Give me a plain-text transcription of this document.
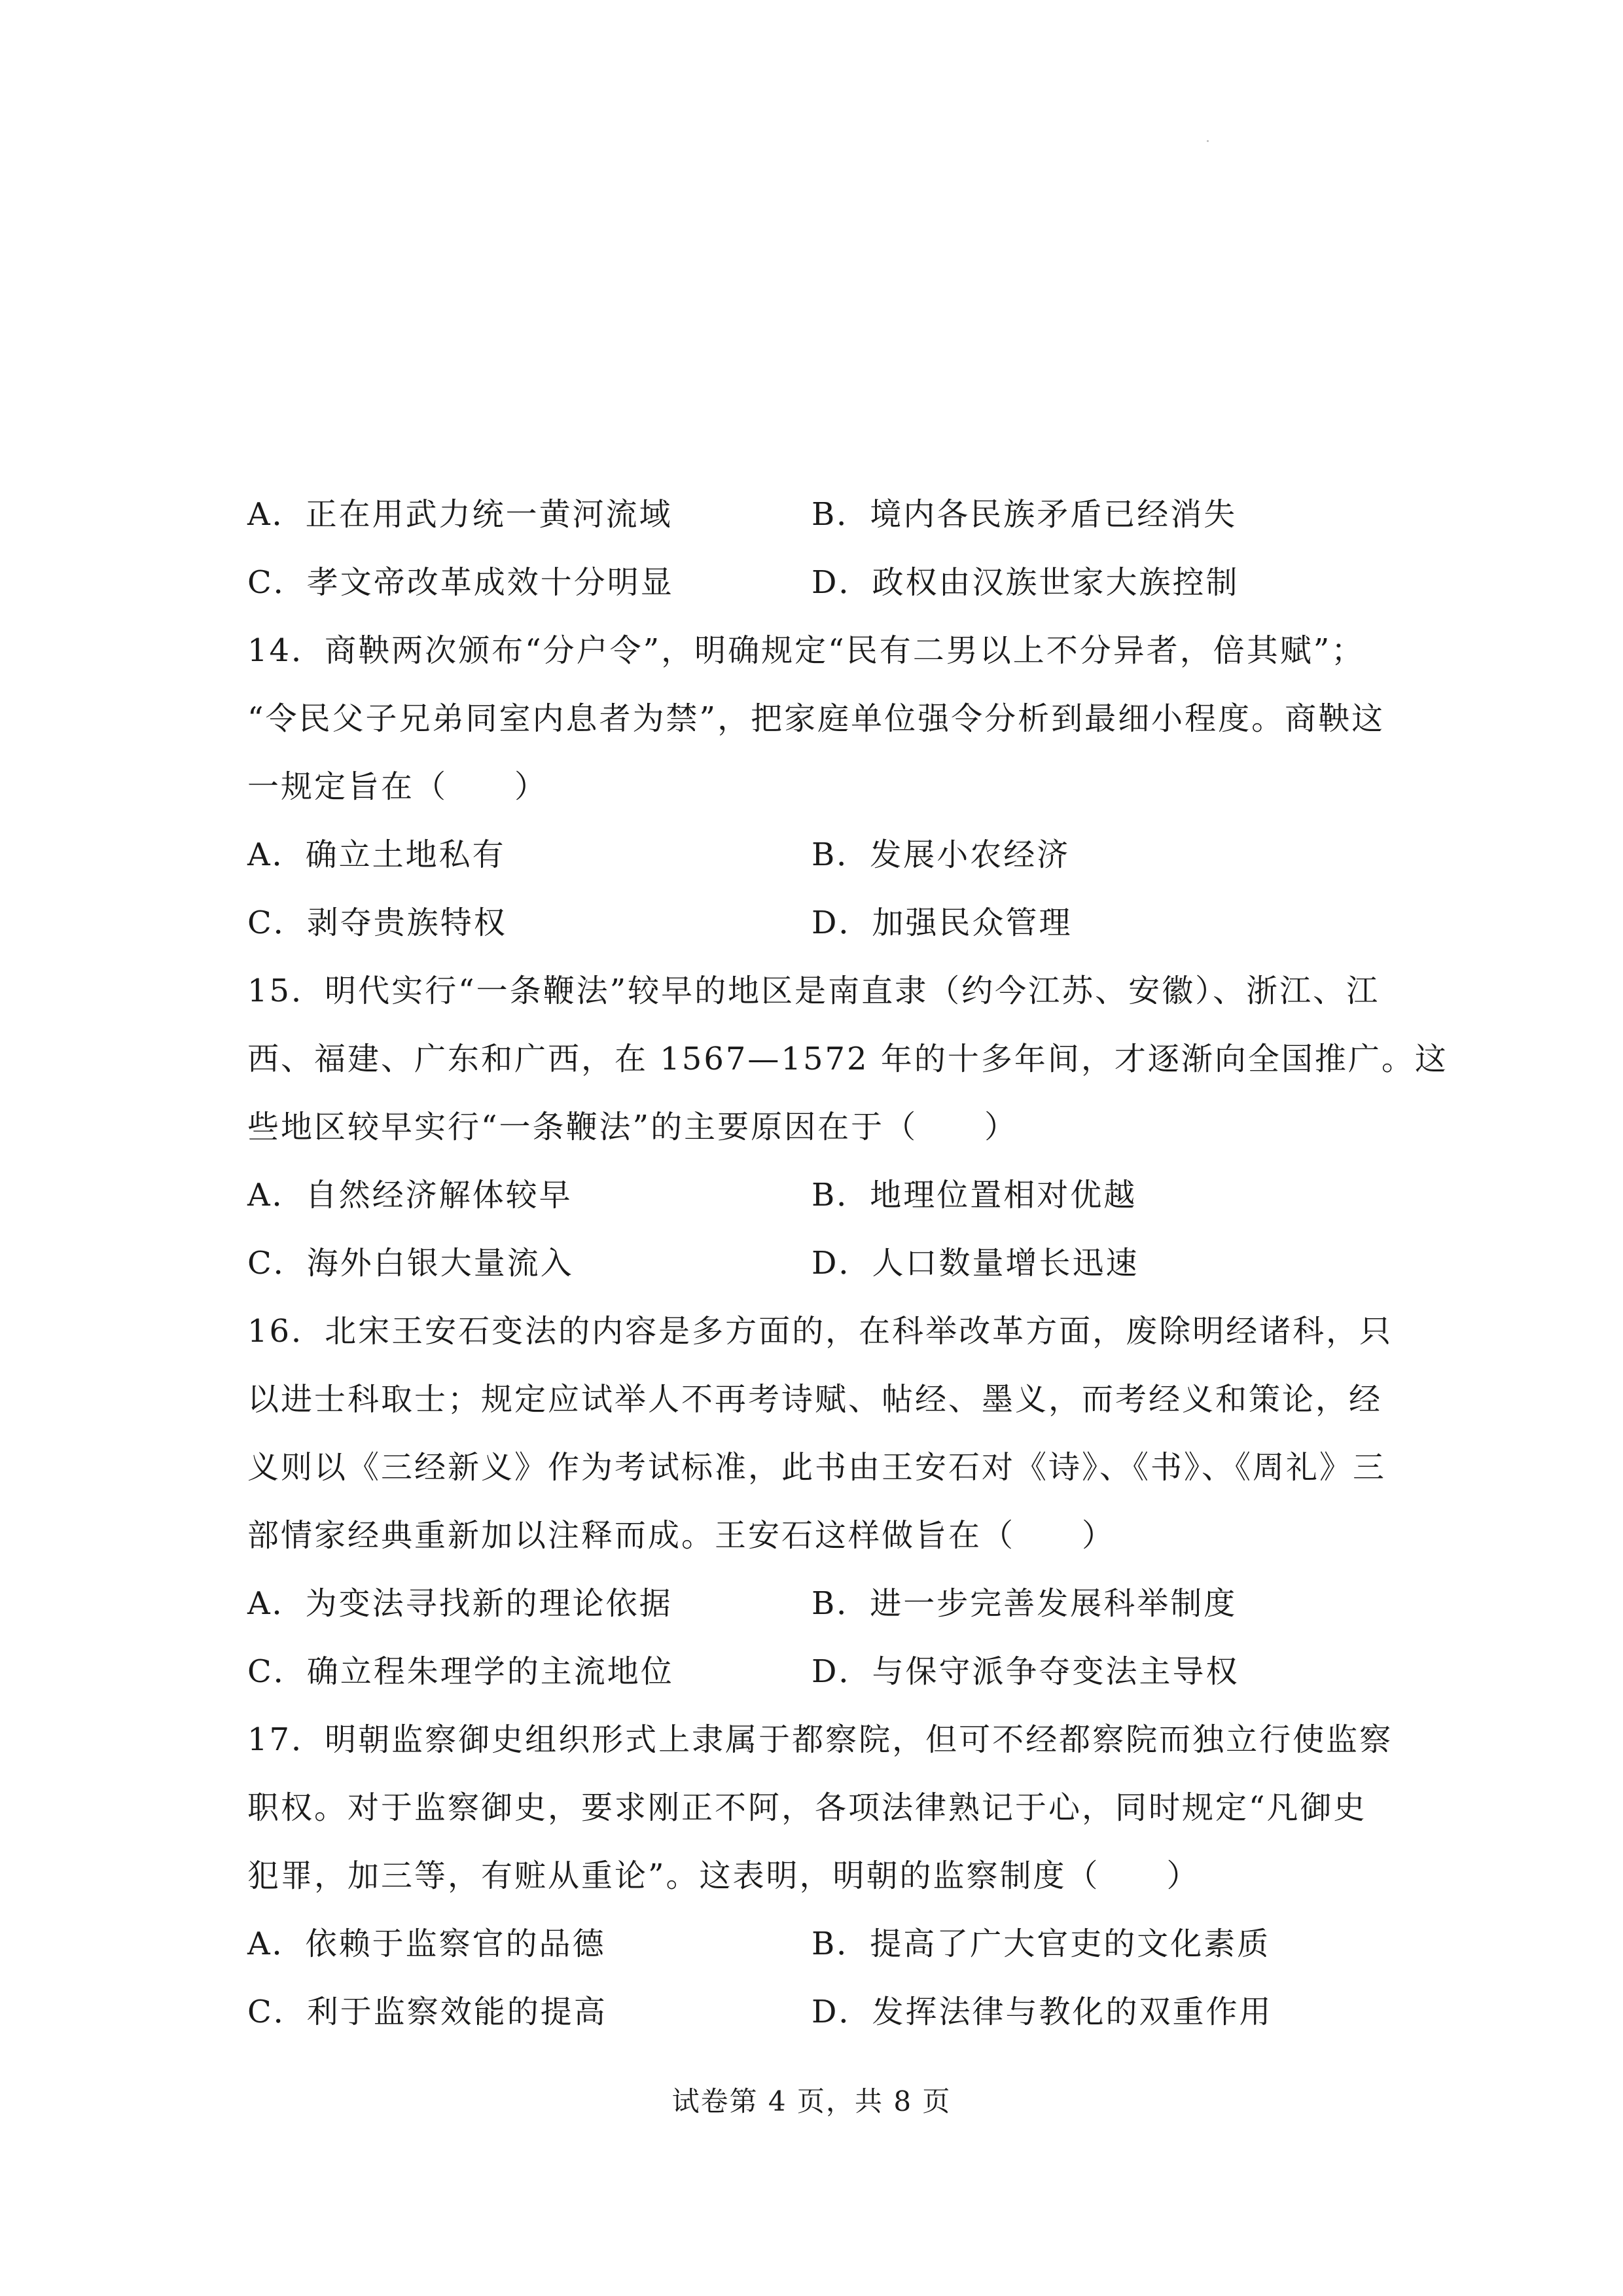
A．正在用武力统一黄河流域	B．境内各民族矛盾已经消失
C．孝文帝改革成效十分明显	D．政权由汉族世家大族控制
14．商鞅两次颁布“分户令”，明确规定“民有二男以上不分异者，倍其赋”；
“令民父子兄弟同室内息者为禁”，把家庭单位强令分析到最细小程度。商鞅这
一规定旨在（　　）
A．确立土地私有	B．发展小农经济
C．剥夺贵族特权	D．加强民众管理
15．明代实行“一条鞭法”较早的地区是南直隶（约今江苏、安徽）、浙江、江
西、福建、广东和广西，在 1567—1572 年的十多年间，才逐渐向全国推广。这
些地区较早实行“一条鞭法”的主要原因在于（　　）
A．自然经济解体较早	B．地理位置相对优越
C．海外白银大量流入	D．人口数量增长迅速
16．北宋王安石变法的内容是多方面的，在科举改革方面，废除明经诸科，只
以进士科取士；规定应试举人不再考诗赋、帖经、墨义，而考经义和策论，经
义则以《三经新义》作为考试标准，此书由王安石对《诗》、《书》、《周礼》三
部情家经典重新加以注释而成。王安石这样做旨在（　　）
A．为变法寻找新的理论依据	B．进一步完善发展科举制度
C．确立程朱理学的主流地位	D．与保守派争夺变法主导权
17．明朝监察御史组织形式上隶属于都察院，但可不经都察院而独立行使监察
职权。对于监察御史，要求刚正不阿，各项法律熟记于心，同时规定“凡御史
犯罪，加三等，有赃从重论”。这表明，明朝的监察制度（　　）
A．依赖于监察官的品德	B．提高了广大官吏的文化素质
C．利于监察效能的提高	D．发挥法律与教化的双重作用
试卷第 4 页，共 8 页
